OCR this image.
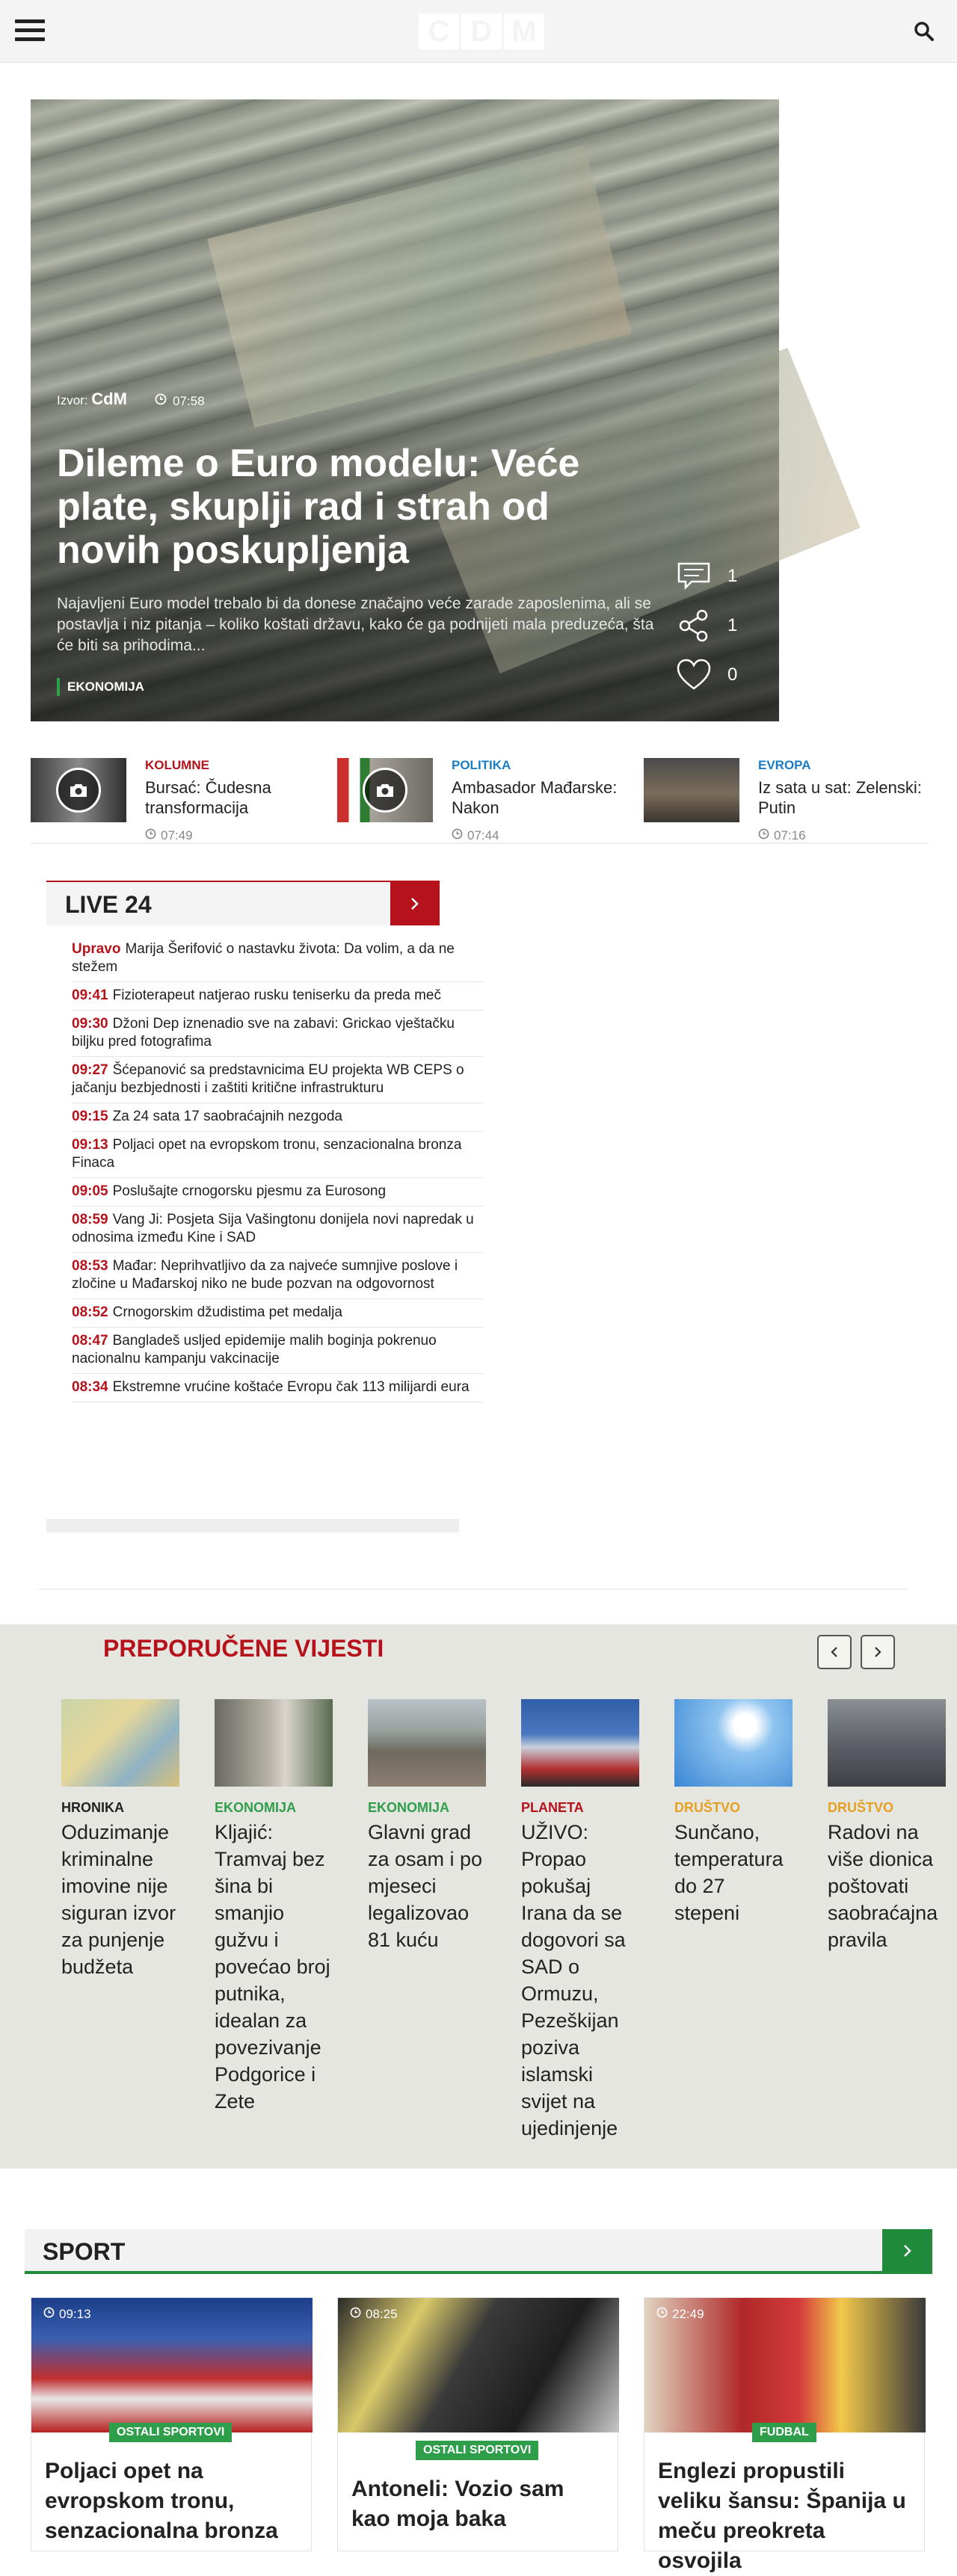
C D M
Izvor: CdM	07:58
Dileme o Euro modelu: Veće plate, skuplji rad i strah od novih poskupljenja
Najavljeni Euro model trebalo bi da donese značajno veće zarade zaposlenima, ali se postavlja i niz pitanja – koliko koštati državu, kako će ga podnijeti mala preduzeća, šta će biti sa prihodima...
EKONOMIJA
1
1
0
KOLUMNE
Bursać: Čudesna transformacija
07:49
POLITIKA
Ambasador Mađarske: Nakon
07:44
EVROPA
Iz sata u sat: Zelenski: Putin
07:16
LIVE 24
Upravo Marija Šerifović o nastavku života: Da volim, a da ne stežem
09:41 Fizioterapeut natjerao rusku teniserku da preda meč
09:30 Džoni Dep iznenadio sve na zabavi: Grickao vještačku biljku pred fotografima
09:27 Šćepanović sa predstavnicima EU projekta WB CEPS o jačanju bezbjednosti i zaštiti kritične infrastrukturu
09:15 Za 24 sata 17 saobraćajnih nezgoda
09:13 Poljaci opet na evropskom tronu, senzacionalna bronza Finaca
09:05 Poslušajte crnogorsku pjesmu za Eurosong
08:59 Vang Ji: Posjeta Sija Vašingtonu donijela novi napredak u odnosima između Kine i SAD
08:53 Mađar: Neprihvatljivo da za najveće sumnjive poslove i zločine u Mađarskoj niko ne bude pozvan na odgovornost
08:52 Crnogorskim džudistima pet medalja
08:47 Bangladeš usljed epidemije malih boginja pokrenuo nacionalnu kampanju vakcinacije
08:34 Ekstremne vrućine koštaće Evropu čak 113 milijardi eura
PREPORUČENE VIJESTI
HRONIKA
Oduzimanje kriminalne imovine nije siguran izvor za punjenje budžeta
EKONOMIJA
Kljajić: Tramvaj bez šina bi smanjio gužvu i povećao broj putnika, idealan za povezivanje Podgorice i Zete
EKONOMIJA
Glavni grad za osam i po mjeseci legalizovao 81 kuću
PLANETA
UŽIVO: Propao pokušaj Irana da se dogovori sa SAD o Ormuzu, Pezeškijan poziva islamski svijet na ujedinjenje
DRUŠTVO
Sunčano, temperatura do 27 stepeni
DRUŠTVO
Radovi na više dionica poštovati saobraćajna pravila
SPORT
09:13
OSTALI SPORTOVI
Poljaci opet na evropskom tronu, senzacionalna bronza
08:25
OSTALI SPORTOVI
Antoneli: Vozio sam kao moja baka
22:49
FUDBAL
Englezi propustili veliku šansu: Španija u meču preokreta osvojila
